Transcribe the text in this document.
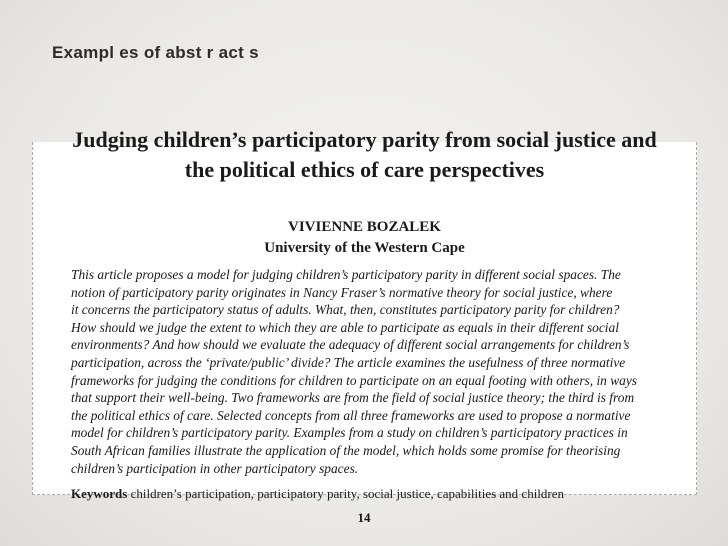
Exampl es of abst r act s
Judging children’s participatory parity from social justice and
the political ethics of care perspectives
VIVIENNE BOZALEK
University of the Western Cape
This article proposes a model for judging children’s participatory parity in different social spaces. The
notion of participatory parity originates in Nancy Fraser’s normative theory for social justice, where
it concerns the participatory status of adults. What, then, constitutes participatory parity for children?
How should we judge the extent to which they are able to participate as equals in their different social
environments? And how should we evaluate the adequacy of different social arrangements for children’s
participation, across the ‘private/public’ divide? The article examines the usefulness of three normative
frameworks for judging the conditions for children to participate on an equal footing with others, in ways
that support their well-being. Two frameworks are from the field of social justice theory; the third is from
the political ethics of care. Selected concepts from all three frameworks are used to propose a normative
model for children’s participatory parity. Examples from a study on children’s participatory practices in
South African families illustrate the application of the model, which holds some promise for theorising
children’s participation in other participatory spaces.
Keywords children’s participation, participatory parity, social justice, capabilities and children
14
